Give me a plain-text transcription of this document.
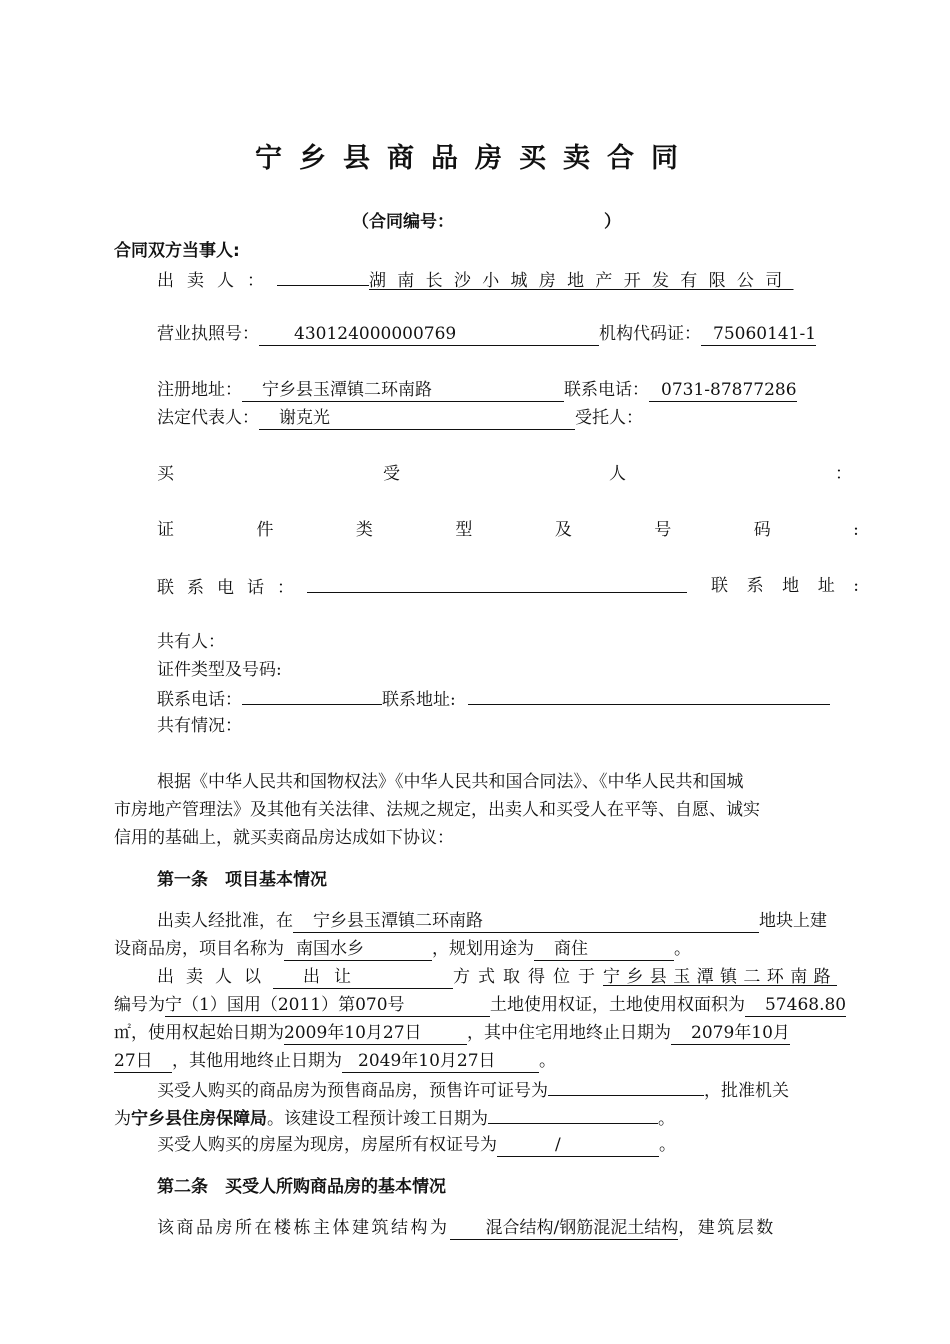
宁乡县商品房买卖合同
（合同编号：	）
合同双方当事人:
出卖人：	湖南长沙小城房地产开发有限公司
营业执照号： 430124000000769	机构代码证： 75060141-1
注册地址： 宁乡县玉潭镇二环南路	联系电话： 0731-87877286
法定代表人： 谢克光	受托人：
买	受	人	：
证	件	类	型	及	号	码	:
联系电话：	联 系 地 址 :
共有人：
证件类型及号码:
联系电话：	联系地址:
共有情况：
根据《中华人民共和国物权法》《中华人民共和国合同法》、《中华人民共和国城
市房地产管理法》及其他有关法律、法规之规定，出卖人和买受人在平等、自愿、诚实
信用的基础上，就买卖商品房达成如下协议：
第一条　项目基本情况
出卖人经批准，在 宁乡县玉潭镇二环南路	地块上建
设商品房，项目名称为 南国水乡	，规划用途为 商住	。
出卖人以 出让	方式取得位于宁乡县玉潭镇二环南路
编号为宁（1）国用（2011）第070号	土地使用权证，土地使用权面积为 57468.80
㎡，使用权起始日期为2009年10月27日	，其中住宅用地终止日期为 2079年10月
27日 ，其他用地终止日期为 2049年10月27日	。
买受人购买的商品房为预售商品房，预售许可证号为	，批准机关
为宁乡县住房保障局。该建设工程预计竣工日期为	。
买受人购买的房屋为现房，房屋所有权证号为	/	。
第二条　买受人所购商品房的基本情况
该商品房所在楼栋主体建筑结构为 混合结构/钢筋混泥土结构，建筑层数
